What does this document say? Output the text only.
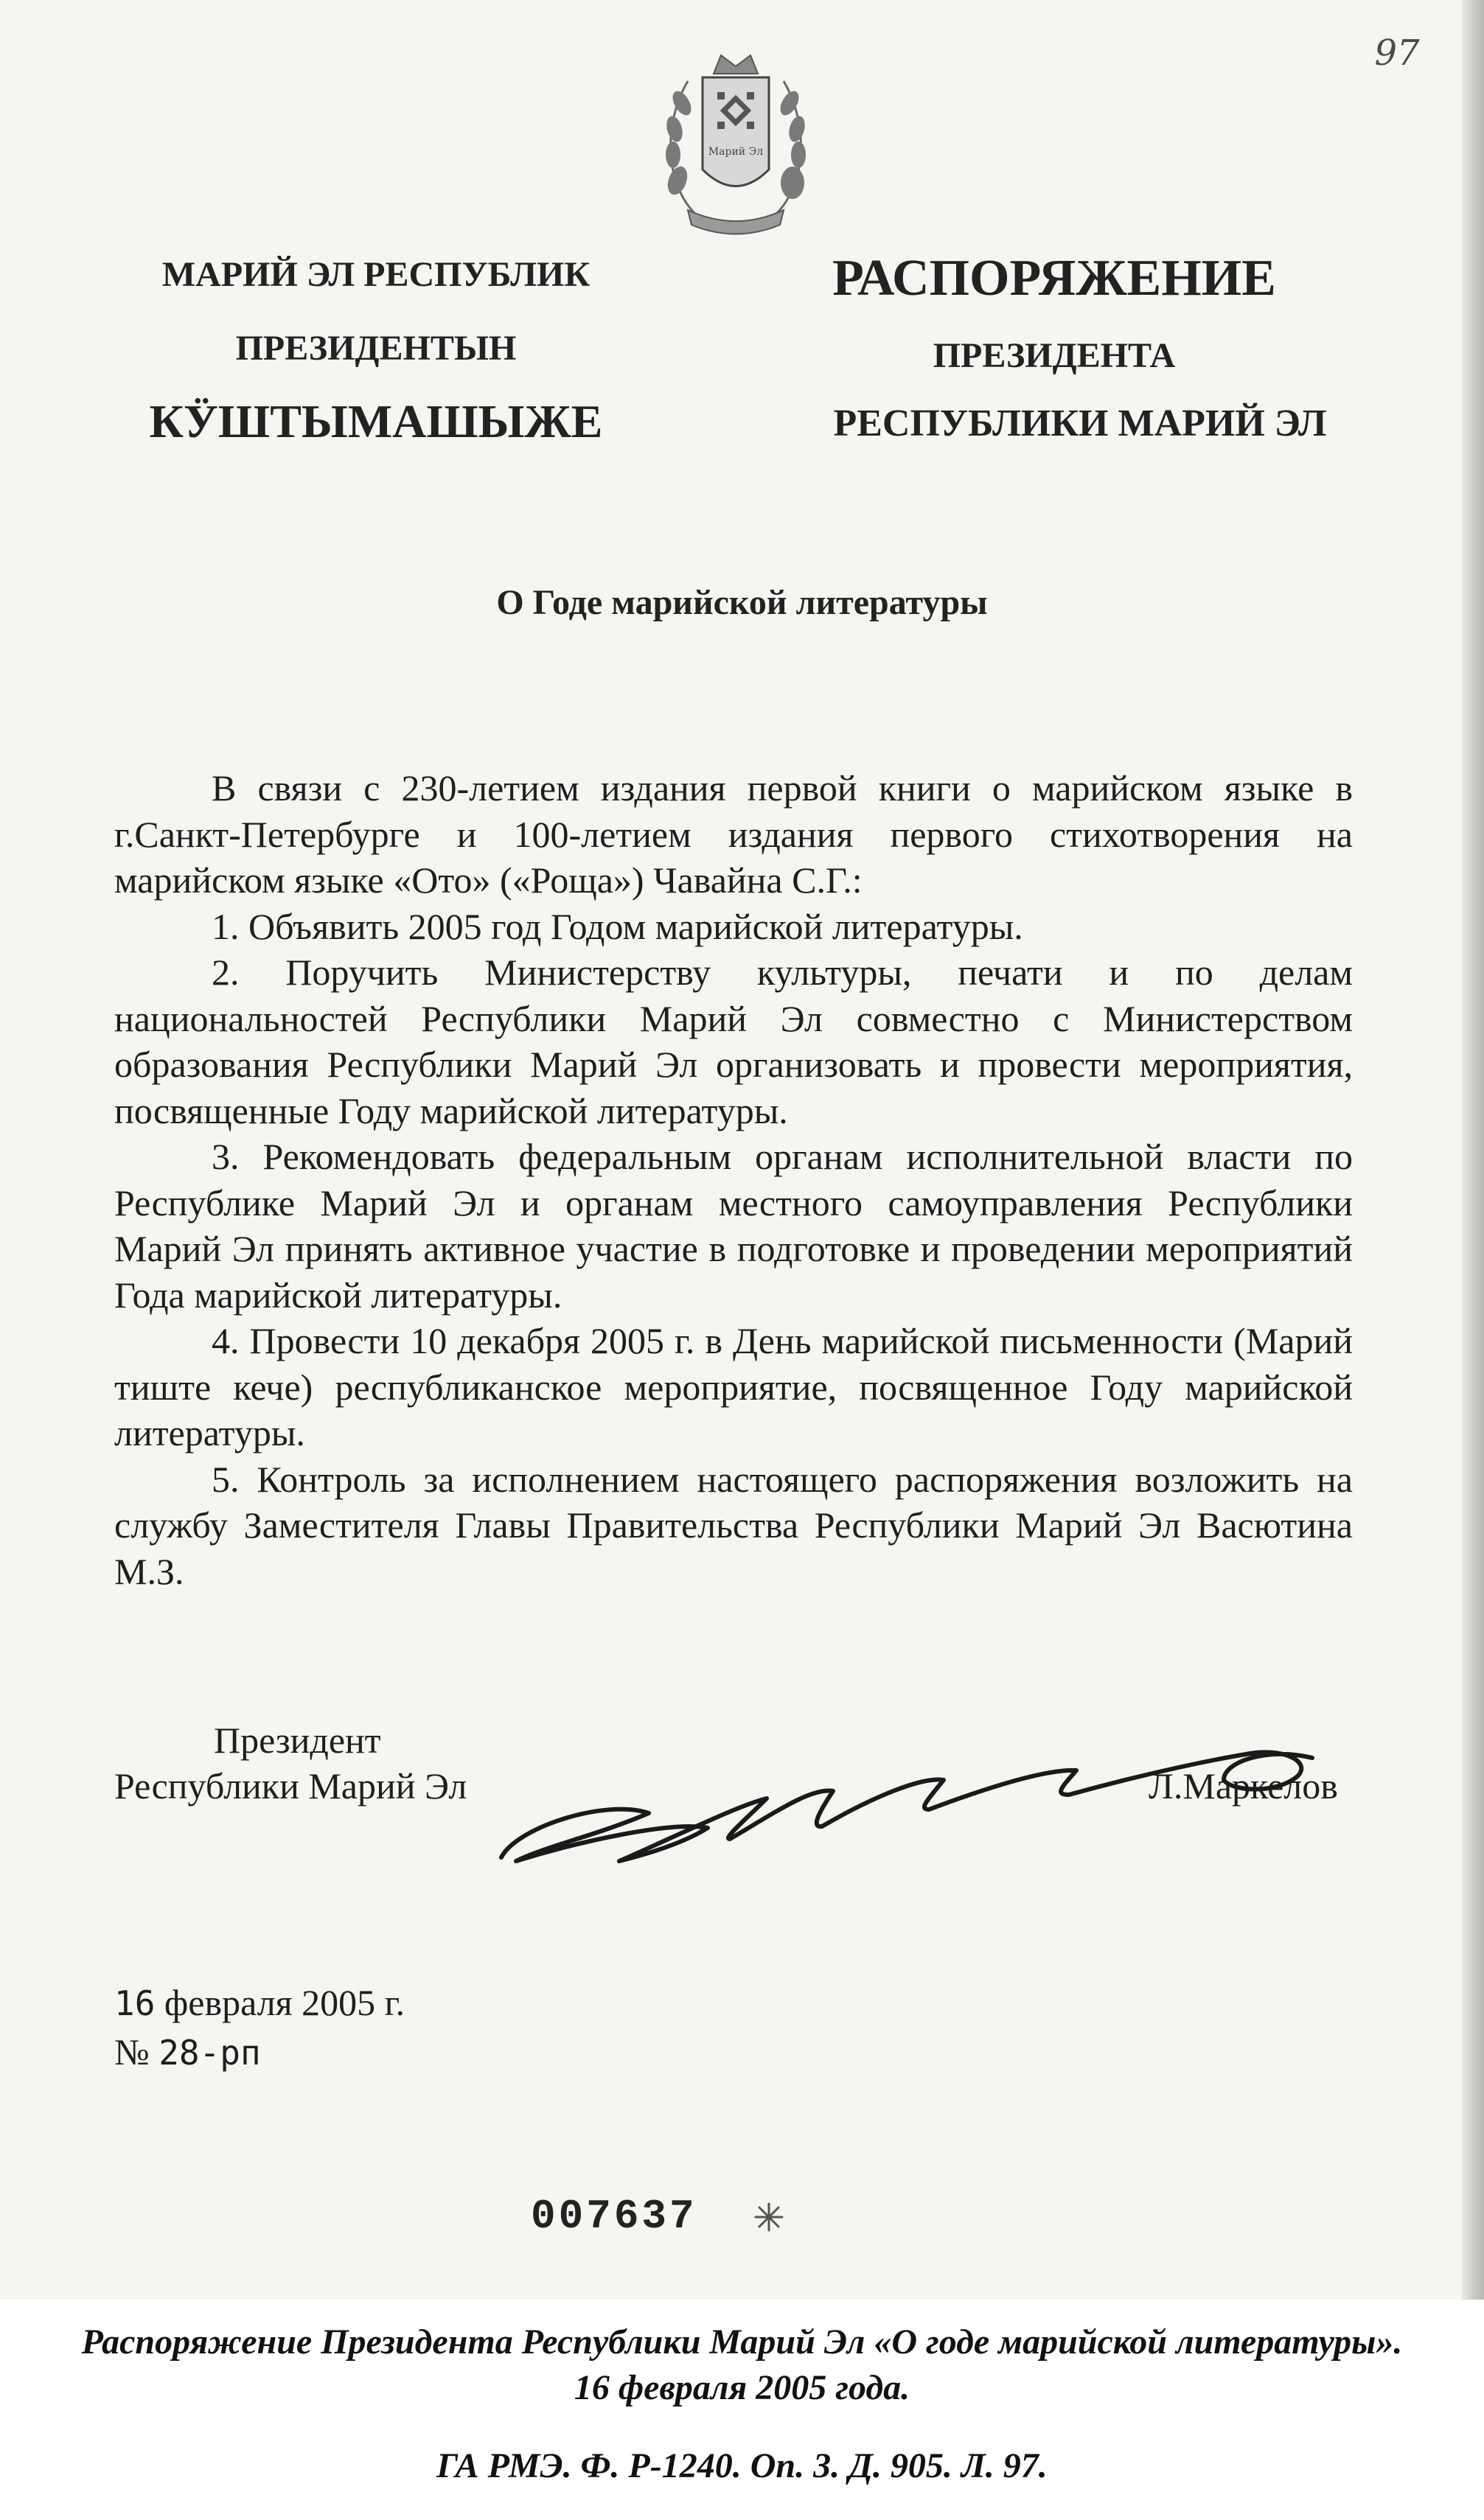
97
Марий Эл
МАРИЙ ЭЛ РЕСПУБЛИК
ПРЕЗИДЕНТЫН
КӰШТЫМАШЫЖЕ
РАСПОРЯЖЕНИЕ
ПРЕЗИДЕНТА
РЕСПУБЛИКИ МАРИЙ ЭЛ
О Годе марийской литературы

В связи с 230-летием издания первой книги о марийском языке в г.Санкт-Петербурге и 100-летием издания первого стихотворения на марийском языке «Ото» («Роща») Чавайна С.Г.:

1. Объявить 2005 год Годом марийской литературы.

2. Поручить Министерству культуры, печати и по делам национальностей Республики Марий Эл совместно с Министерством образования Республики Марий Эл организовать и провести мероприятия, посвященные Году марийской литературы.

3. Рекомендовать федеральным органам исполнительной власти по Республике Марий Эл и органам местного самоуправления Республики Марий Эл принять активное участие в подготовке и проведении мероприятий Года марийской литературы.

4. Провести 10 декабря 2005 г. в День марийской письменности (Марий тиште кече) республиканское мероприятие, посвященное Году марийской литературы.

5. Контроль за исполнением настоящего распоряжения возложить на службу Заместителя Главы Правительства Республики Марий Эл Васютина М.З.

Президент
Республики Марий Эл	Л.Маркелов
16 февраля 2005 г.
№ 28-рп
007637
Распоряжение Президента Республики Марий Эл «О годе марийской литературы».
16 февраля 2005 года.
ГА РМЭ. Ф. Р-1240. Оп. 3. Д. 905. Л. 97.
